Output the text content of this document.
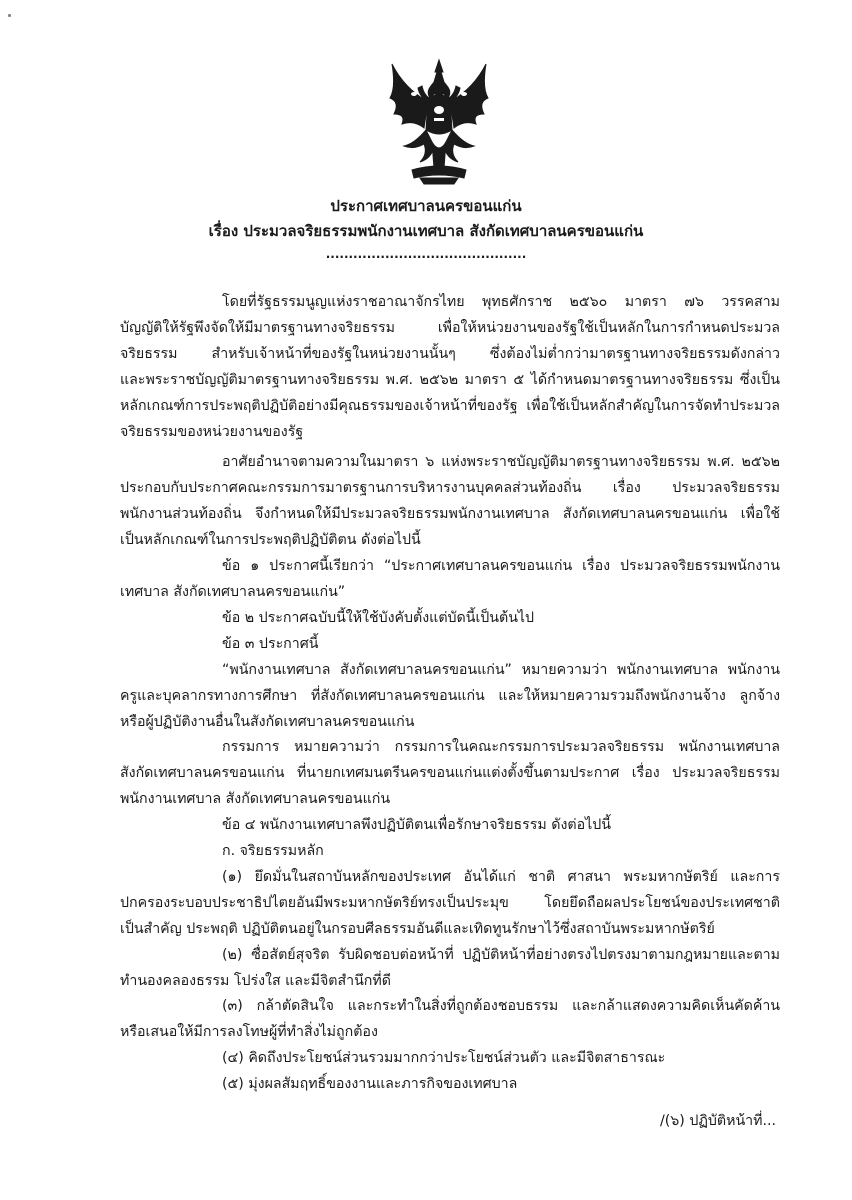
ประกาศเทศบาลนครขอนแก่น
เรื่อง ประมวลจริยธรรมพนักงานเทศบาล สังกัดเทศบาลนครขอนแก่น
............................................
โดยที่รัฐธรรมนูญแห่งราชอาณาจักรไทย พุทธศักราช ๒๕๖๐ มาตรา ๗๖ วรรคสาม
บัญญัติให้รัฐพึงจัดให้มีมาตรฐานทางจริยธรรม เพื่อให้หน่วยงานของรัฐใช้เป็นหลักในการกำหนดประมวล
จริยธรรม สำหรับเจ้าหน้าที่ของรัฐในหน่วยงานนั้นๆ ซึ่งต้องไม่ต่ำกว่ามาตรฐานทางจริยธรรมดังกล่าว
และพระราชบัญญัติมาตรฐานทางจริยธรรม พ.ศ. ๒๕๖๒ มาตรา ๕ ได้กำหนดมาตรฐานทางจริยธรรม ซึ่งเป็น
หลักเกณฑ์การประพฤติปฏิบัติอย่างมีคุณธรรมของเจ้าหน้าที่ของรัฐ เพื่อใช้เป็นหลักสำคัญในการจัดทำประมวล
จริยธรรมของหน่วยงานของรัฐ
อาศัยอำนาจตามความในมาตรา ๖ แห่งพระราชบัญญัติมาตรฐานทางจริยธรรม พ.ศ. ๒๕๖๒
ประกอบกับประกาศคณะกรรมการมาตรฐานการบริหารงานบุคคลส่วนท้องถิ่น เรื่อง ประมวลจริยธรรม
พนักงานส่วนท้องถิ่น จึงกำหนดให้มีประมวลจริยธรรมพนักงานเทศบาล สังกัดเทศบาลนครขอนแก่น เพื่อใช้
เป็นหลักเกณฑ์ในการประพฤติปฏิบัติตน ดังต่อไปนี้
ข้อ ๑ ประกาศนี้เรียกว่า “ประกาศเทศบาลนครขอนแก่น เรื่อง ประมวลจริยธรรมพนักงาน
เทศบาล สังกัดเทศบาลนครขอนแก่น”
ข้อ ๒ ประกาศฉบับนี้ให้ใช้บังคับตั้งแต่บัดนี้เป็นต้นไป
ข้อ ๓ ประกาศนี้
“พนักงานเทศบาล สังกัดเทศบาลนครขอนแก่น” หมายความว่า พนักงานเทศบาล พนักงาน
ครูและบุคลากรทางการศึกษา ที่สังกัดเทศบาลนครขอนแก่น และให้หมายความรวมถึงพนักงานจ้าง ลูกจ้าง
หรือผู้ปฏิบัติงานอื่นในสังกัดเทศบาลนครขอนแก่น
กรรมการ หมายความว่า กรรมการในคณะกรรมการประมวลจริยธรรม พนักงานเทศบาล
สังกัดเทศบาลนครขอนแก่น ที่นายกเทศมนตรีนครขอนแก่นแต่งตั้งขึ้นตามประกาศ เรื่อง ประมวลจริยธรรม
พนักงานเทศบาล สังกัดเทศบาลนครขอนแก่น
ข้อ ๔ พนักงานเทศบาลพึงปฏิบัติตนเพื่อรักษาจริยธรรม ดังต่อไปนี้
ก. จริยธรรมหลัก
(๑) ยึดมั่นในสถาบันหลักของประเทศ อันได้แก่ ชาติ ศาสนา พระมหากษัตริย์ และการ
ปกครองระบอบประชาธิปไตยอันมีพระมหากษัตริย์ทรงเป็นประมุข โดยยึดถือผลประโยชน์ของประเทศชาติ
เป็นสำคัญ ประพฤติ ปฏิบัติตนอยู่ในกรอบศีลธรรมอันดีและเทิดทูนรักษาไว้ซึ่งสถาบันพระมหากษัตริย์
(๒) ซื่อสัตย์สุจริต รับผิดชอบต่อหน้าที่ ปฏิบัติหน้าที่อย่างตรงไปตรงมาตามกฎหมายและตาม
ทำนองคลองธรรม โปร่งใส และมีจิตสำนึกที่ดี
(๓) กล้าตัดสินใจ และกระทำในสิ่งที่ถูกต้องชอบธรรม และกล้าแสดงความคิดเห็นคัดค้าน
หรือเสนอให้มีการลงโทษผู้ที่ทำสิ่งไม่ถูกต้อง
(๔) คิดถึงประโยชน์ส่วนรวมมากกว่าประโยชน์ส่วนตัว และมีจิตสาธารณะ
(๕) มุ่งผลสัมฤทธิ์ของงานและภารกิจของเทศบาล
/(๖) ปฏิบัติหน้าที่...
